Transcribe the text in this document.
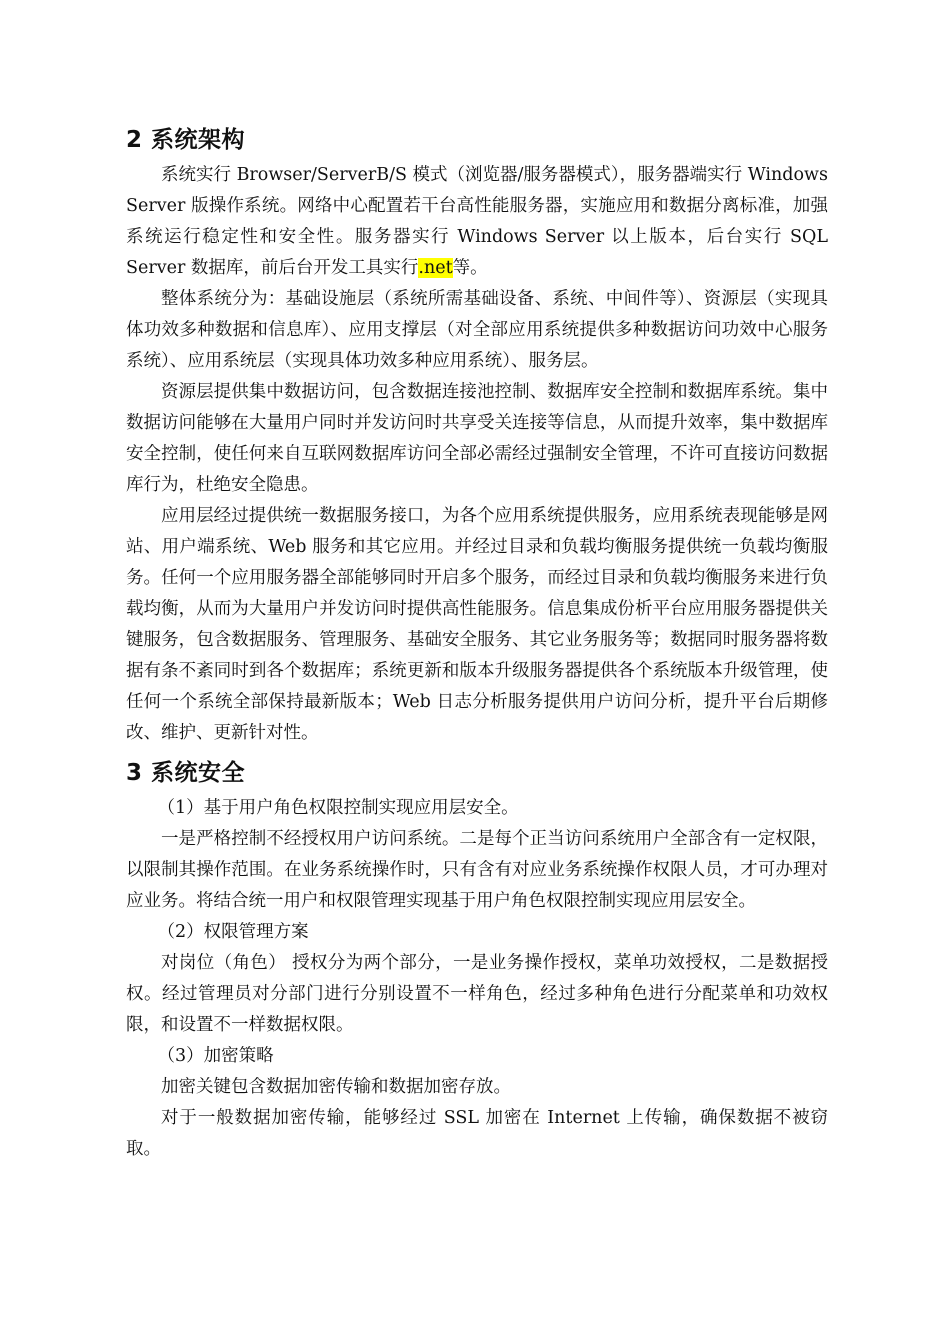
2 系统架构

系统实行 Browser/ServerB/S 模式（浏览器/服务器模式），服务器端实行 Windows Server 版操作系统。网络中心配置若干台高性能服务器，实施应用和数据分离标准，加强系统运行稳定性和安全性。服务器实行 Windows Server 以上版本，后台实行 SQL Server 数据库，前后台开发工具实行.net等。

整体系统分为：基础设施层（系统所需基础设备、系统、中间件等）、资源层（实现具体功效多种数据和信息库）、应用支撑层（对全部应用系统提供多种数据访问功效中心服务系统）、应用系统层（实现具体功效多种应用系统）、服务层。

资源层提供集中数据访问，包含数据连接池控制、数据库安全控制和数据库系统。集中数据访问能够在大量用户同时并发访问时共享受关连接等信息，从而提升效率，集中数据库安全控制，使任何来自互联网数据库访问全部必需经过强制安全管理，不许可直接访问数据库行为，杜绝安全隐患。

应用层经过提供统一数据服务接口，为各个应用系统提供服务，应用系统表现能够是网站、用户端系统、Web 服务和其它应用。并经过目录和负载均衡服务提供统一负载均衡服务。任何一个应用服务器全部能够同时开启多个服务，而经过目录和负载均衡服务来进行负载均衡，从而为大量用户并发访问时提供高性能服务。信息集成份析平台应用服务器提供关键服务，包含数据服务、管理服务、基础安全服务、其它业务服务等；数据同时服务器将数据有条不紊同时到各个数据库；系统更新和版本升级服务器提供各个系统版本升级管理，使任何一个系统全部保持最新版本；Web 日志分析服务提供用户访问分析，提升平台后期修改、维护、更新针对性。

3 系统安全

（1）基于用户角色权限控制实现应用层安全。

一是严格控制不经授权用户访问系统。二是每个正当访问系统用户全部含有一定权限，以限制其操作范围。在业务系统操作时，只有含有对应业务系统操作权限人员，才可办理对应业务。将结合统一用户和权限管理实现基于用户角色权限控制实现应用层安全。

（2）权限管理方案

对岗位（角色） 授权分为两个部分，一是业务操作授权，菜单功效授权，二是数据授权。经过管理员对分部门进行分别设置不一样角色，经过多种角色进行分配菜单和功效权限，和设置不一样数据权限。

（3）加密策略

加密关键包含数据加密传输和数据加密存放。

对于一般数据加密传输，能够经过 SSL 加密在 Internet 上传输，确保数据不被窃取。
